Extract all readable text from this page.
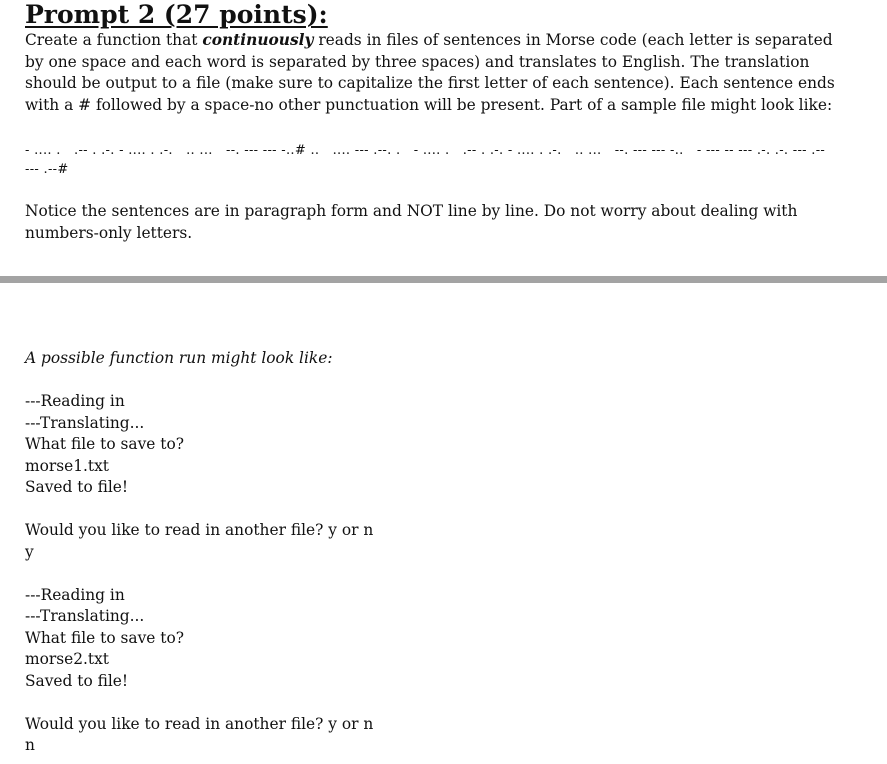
Prompt 2 (27 points):
Create a function that continuously reads in files of sentences in Morse code (each letter is separated by one space and each word is separated by three spaces) and translates to English. The translation should be output to a file (make sure to capitalize the first letter of each sentence). Each sentence ends with a # followed by a space-no other punctuation will be present. Part of a sample file might look like:
- .... .   .-- . .-. - .... . .-.   .. ...   --. --- --- -..# ..   .... --- .--. .   - .... .   .-- . .-. - .... . .-.   .. ...   --. --- --- -..   - --- -- --- .-. .-. --- .--
--- .--#
Notice the sentences are in paragraph form and NOT line by line. Do not worry about dealing with numbers-only letters.
A possible function run might look like:
---Reading in
---Translating...
What file to save to?
morse1.txt
Saved to file!
Would you like to read in another file? y or n
y
---Reading in
---Translating...
What file to save to?
morse2.txt
Saved to file!
Would you like to read in another file? y or n
n
